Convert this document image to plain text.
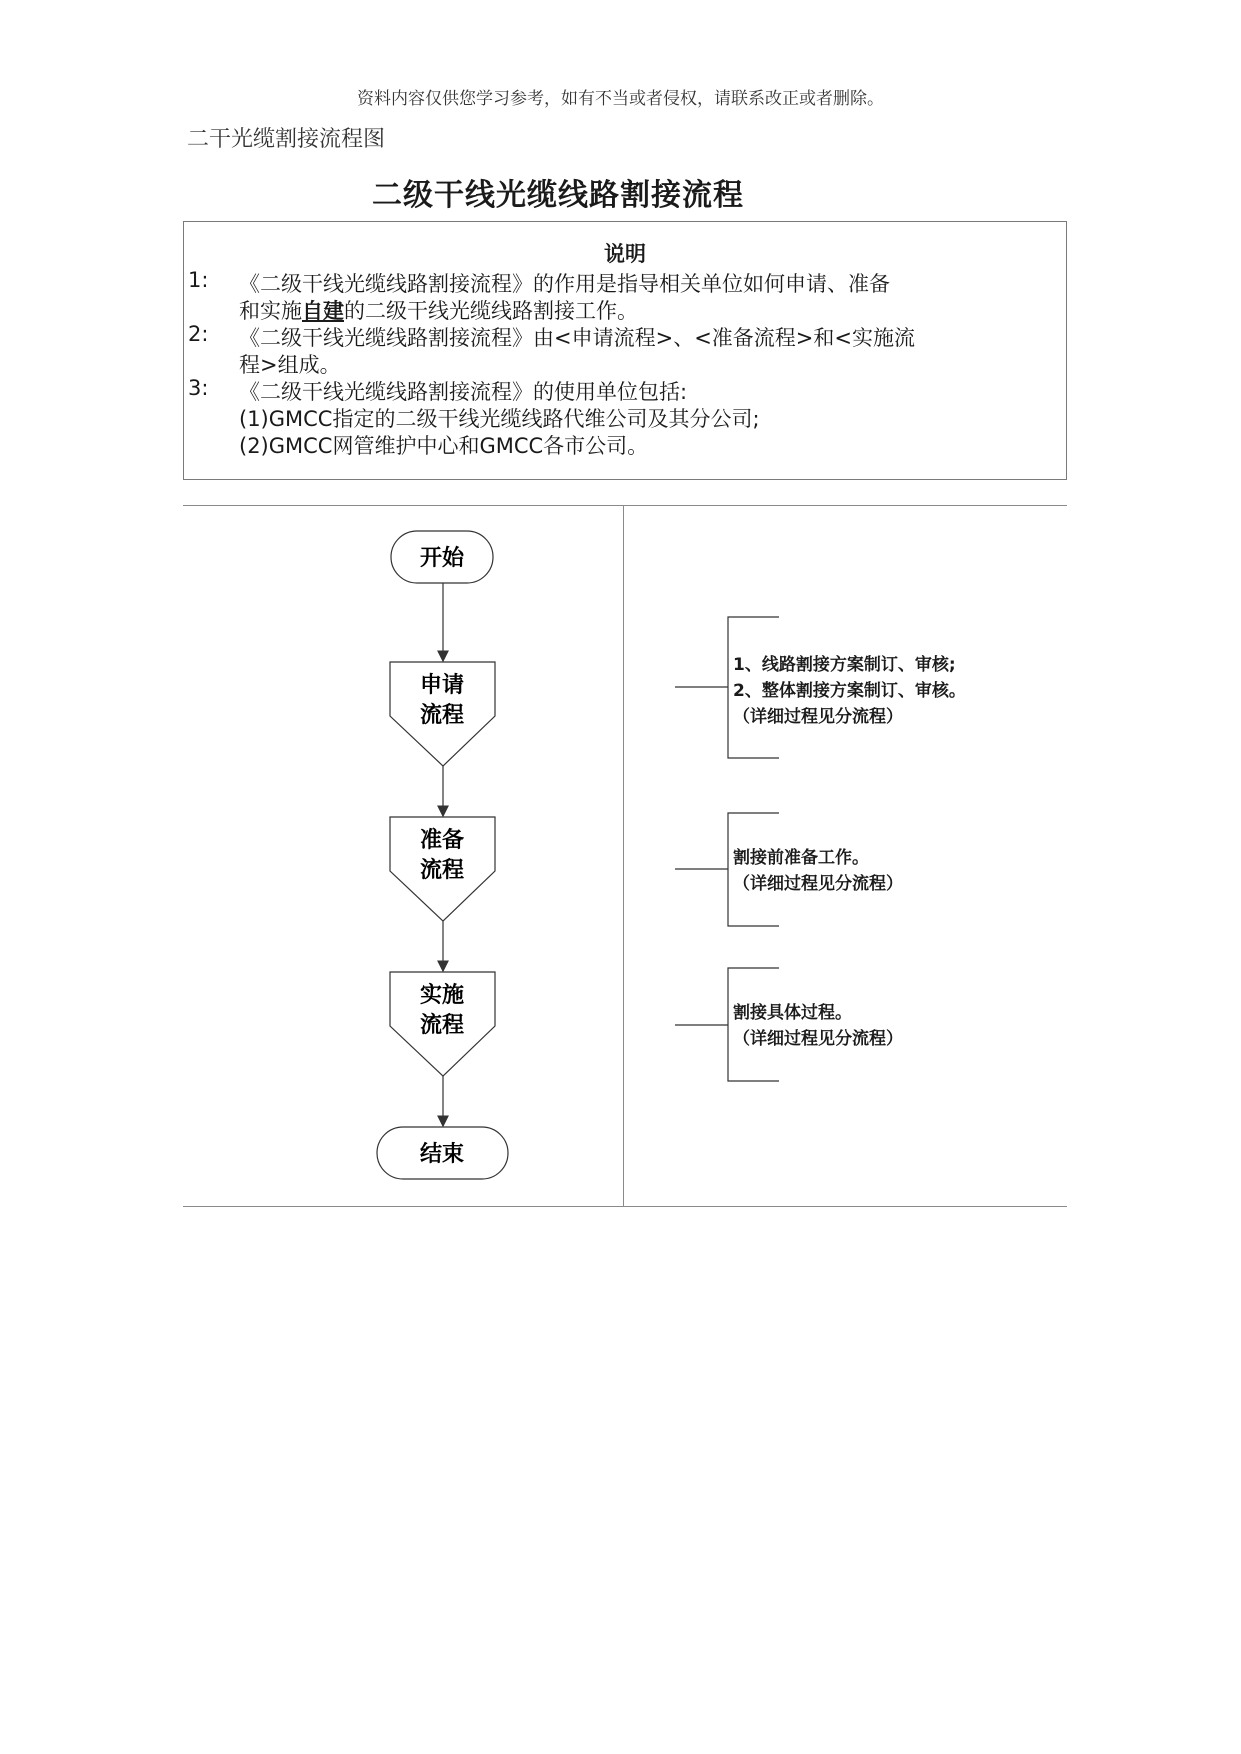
资料内容仅供您学习参考，如有不当或者侵权，请联系改正或者删除。
二干光缆割接流程图
二级干线光缆线路割接流程
说明
1: 《二级干线光缆线路割接流程》的作用是指导相关单位如何申请、准备
和实施自建的二级干线光缆线路割接工作。
2: 《二级干线光缆线路割接流程》由<申请流程>、<准备流程>和<实施流
程>组成。
3: 《二级干线光缆线路割接流程》的使用单位包括:
(1)GMCC指定的二级干线光缆线路代维公司及其分公司;
(2)GMCC网管维护中心和GMCC各市公司。
开始
申请
流程
准备
流程
实施
流程
结束
1、线路割接方案制订、审核;
2、整体割接方案制订、审核。
（详细过程见分流程）
割接前准备工作。
（详细过程见分流程）
割接具体过程。
（详细过程见分流程）
